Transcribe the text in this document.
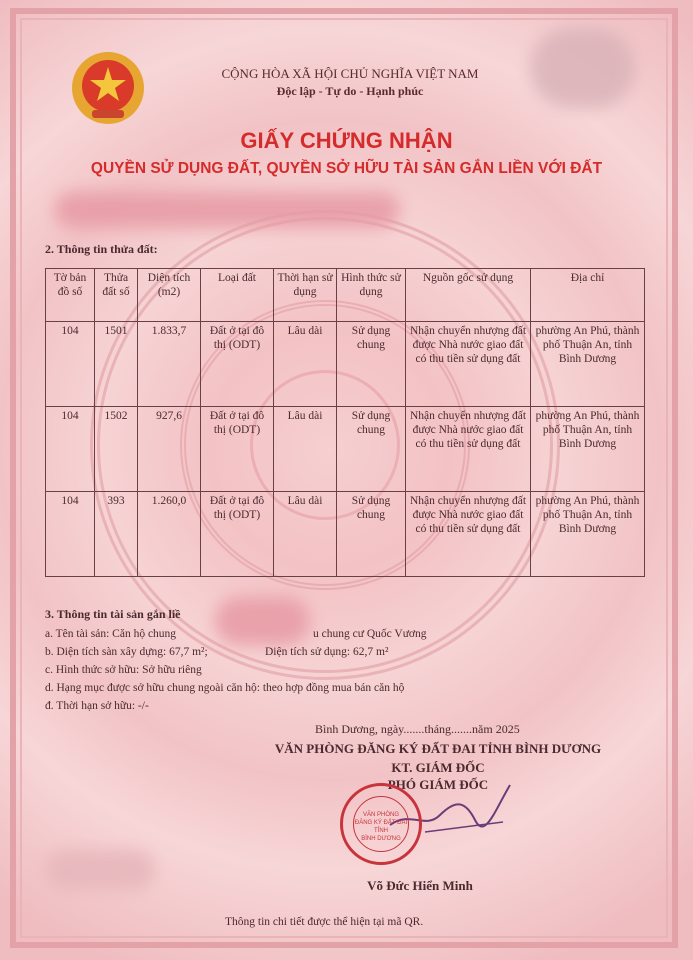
CỘNG HÒA XÃ HỘI CHỦ NGHĨA VIỆT NAM
Độc lập - Tự do - Hạnh phúc
GIẤY CHỨNG NHẬN
QUYỀN SỬ DỤNG ĐẤT, QUYỀN SỞ HỮU TÀI SẢN GẮN LIỀN VỚI ĐẤT
2. Thông tin thửa đất:
Tờ bản đồ số	Thửa đất số	Diện tích (m2)	Loại đất	Thời hạn sử dụng	Hình thức sử dụng	Nguồn gốc sử dụng	Địa chỉ
104	1501	1.833,7	Đất ở tại đô thị (ODT)	Lâu dài	Sử dụng chung	Nhận chuyển nhượng đất được Nhà nước giao đất có thu tiền sử dụng đất	phường An Phú, thành phố Thuận An, tỉnh Bình Dương
104	1502	927,6	Đất ở tại đô thị (ODT)	Lâu dài	Sử dụng chung	Nhận chuyển nhượng đất được Nhà nước giao đất có thu tiền sử dụng đất	phường An Phú, thành phố Thuận An, tỉnh Bình Dương
104	393	1.260,0	Đất ở tại đô thị (ODT)	Lâu dài	Sử dụng chung	Nhận chuyển nhượng đất được Nhà nước giao đất có thu tiền sử dụng đất	phường An Phú, thành phố Thuận An, tỉnh Bình Dương
3. Thông tin tài sản gắn liề
a. Tên tài sản: Căn hộ chung	u chung cư Quốc Vương
b. Diện tích sàn xây dựng: 67,7 m²;	Diện tích sử dụng: 62,7 m²
c. Hình thức sở hữu: Sở hữu riêng
d. Hạng mục được sở hữu chung ngoài căn hộ: theo hợp đồng mua bán căn hộ
đ. Thời hạn sở hữu: -/-
Bình Dương, ngày.......tháng.......năm 2025
VĂN PHÒNG ĐĂNG KÝ ĐẤT ĐAI TỈNH BÌNH DƯƠNG
KT. GIÁM ĐỐC
PHÓ GIÁM ĐỐC
VĂN PHÒNG
ĐĂNG KÝ ĐẤT ĐAI
TỈNH
BÌNH DƯƠNG
Võ Đức Hiển Minh
Thông tin chi tiết được thể hiện tại mã QR.
